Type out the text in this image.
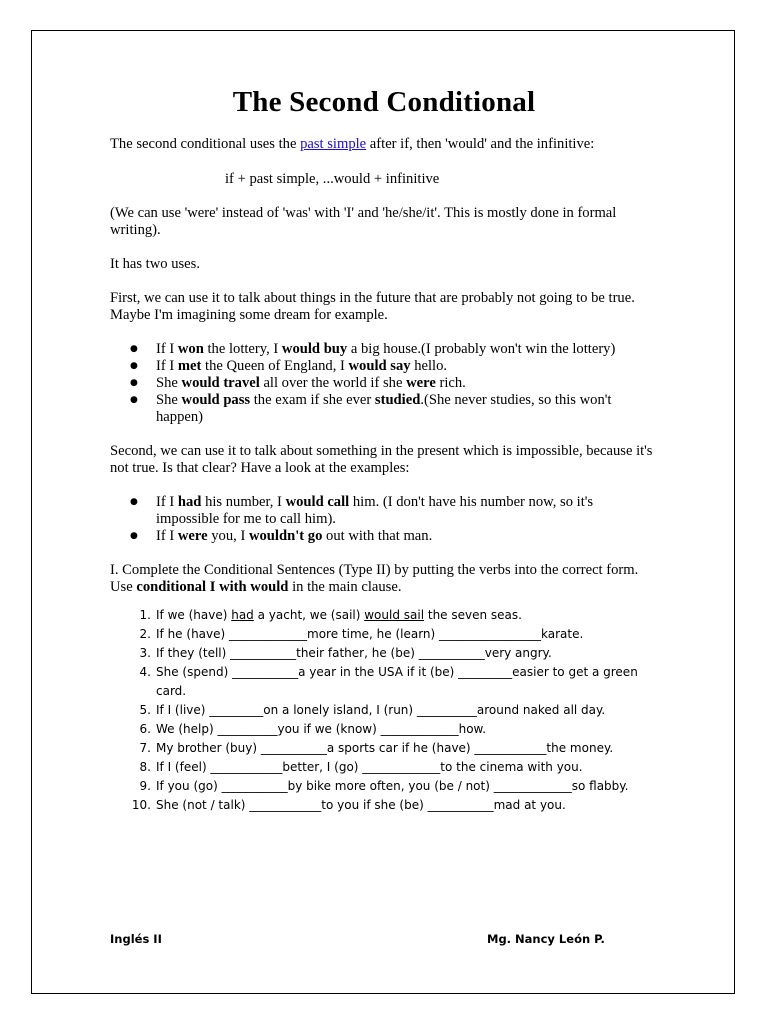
The Second Conditional

The second conditional uses the past simple after if, then 'would' and the infinitive:

if + past simple, ...would + infinitive

(We can use 'were' instead of 'was' with 'I' and 'he/she/it'. This is mostly done in formal writing).

It has two uses.

First, we can use it to talk about things in the future that are probably not going to be true. Maybe I'm imagining some dream for example.

● If I won the lottery, I would buy a big house.(I probably won't win the lottery)
● If I met the Queen of England, I would say hello.
● She would travel all over the world if she were rich.
● She would pass the exam if she ever studied.(She never studies, so this won't happen)

Second, we can use it to talk about something in the present which is impossible, because it's not true. Is that clear? Have a look at the examples:

● If I had his number, I would call him. (I don't have his number now, so it's impossible for me to call him).
● If I were you, I wouldn't go out with that man.

I. Complete the Conditional Sentences (Type II) by putting the verbs into the correct form. Use conditional I with would in the main clause.

1. If we (have) had a yacht, we (sail) would sail the seven seas.
2. If he (have) _____________more time, he (learn) _________________karate.
3. If they (tell) ___________their father, he (be) ___________very angry.
4. She (spend) ___________a year in the USA if it (be) _________easier to get a green
card.
5. If I (live) _________on a lonely island, I (run) __________around naked all day.
6. We (help) __________you if we (know) _____________how.
7. My brother (buy) ___________a sports car if he (have) ____________the money.
8. If I (feel) ____________better, I (go) _____________to the cinema with you.
9. If you (go) ___________by bike more often, you (be / not) _____________so flabby.
10. She (not / talk) ____________to you if she (be) ___________mad at you.
Inglés II	Mg. Nancy León P.
